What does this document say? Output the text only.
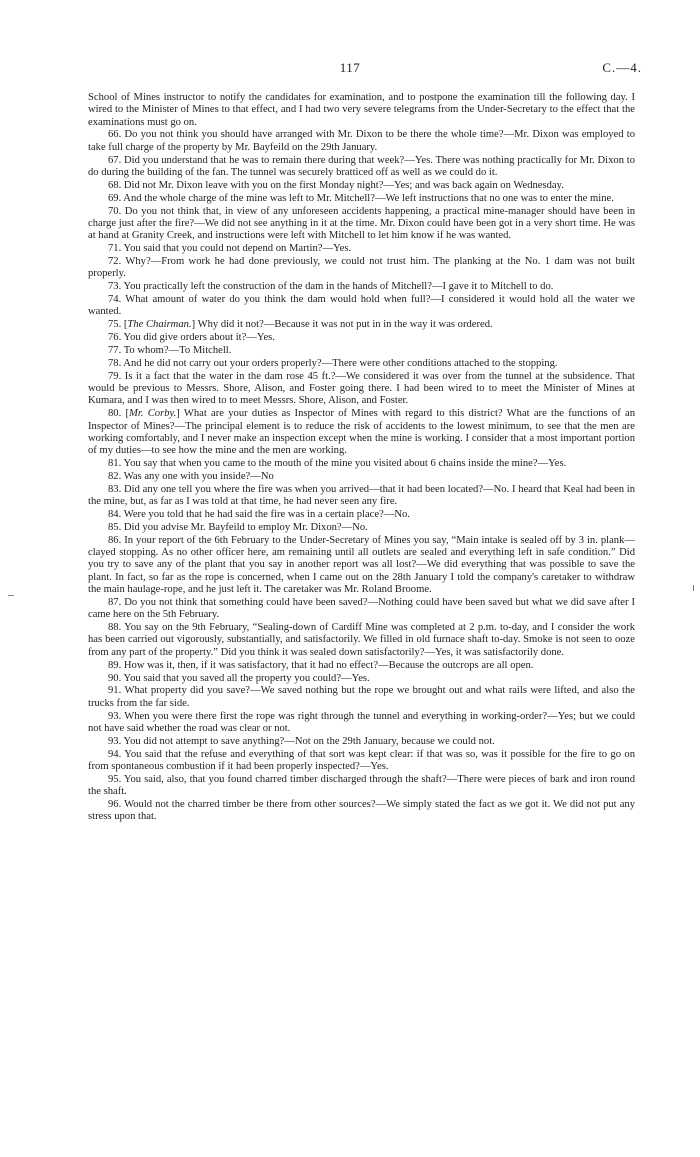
117	C.—4.

School of Mines instructor to notify the candidates for examination, and to postpone the examination till the following day. I wired to the Minister of Mines to that effect, and I had two very severe telegrams from the Under-Secretary to the effect that the examinations must go on.

66. Do you not think you should have arranged with Mr. Dixon to be there the whole time?—Mr. Dixon was employed to take full charge of the property by Mr. Bayfeild on the 29th January.

67. Did you understand that he was to remain there during that week?—Yes. There was nothing practically for Mr. Dixon to do during the building of the fan. The tunnel was securely bratticed off as well as we could do it.

68. Did not Mr. Dixon leave with you on the first Monday night?—Yes; and was back again on Wednesday.

69. And the whole charge of the mine was left to Mr. Mitchell?—We left instructions that no one was to enter the mine.

70. Do you not think that, in view of any unforeseen accidents happening, a practical mine-manager should have been in charge just after the fire?—We did not see anything in it at the time. Mr. Dixon could have been got in a very short time. He was at hand at Granity Creek, and instructions were left with Mitchell to let him know if he was wanted.

71. You said that you could not depend on Martin?—Yes.

72. Why?—From work he had done previously, we could not trust him. The planking at the No. 1 dam was not built properly.

73. You practically left the construction of the dam in the hands of Mitchell?—I gave it to Mitchell to do.

74. What amount of water do you think the dam would hold when full?—I considered it would hold all the water we wanted.

75. [The Chairman.] Why did it not?—Because it was not put in in the way it was ordered.

76. You did give orders about it?—Yes.

77. To whom?—To Mitchell.

78. And he did not carry out your orders properly?—There were other conditions attached to the stopping.

79. Is it a fact that the water in the dam rose 45 ft.?—We considered it was over from the tunnel at the subsidence. That would be previous to Messrs. Shore, Alison, and Foster going there. I had been wired to to meet the Minister of Mines at Kumara, and I was then wired to to meet Messrs. Shore, Alison, and Foster.

80. [Mr. Corby.] What are your duties as Inspector of Mines with regard to this district? What are the functions of an Inspector of Mines?—The principal element is to reduce the risk of accidents to the lowest minimum, to see that the men are working comfortably, and I never make an inspection except when the mine is working. I consider that a most important portion of my duties—to see how the mine and the men are working.

81. You say that when you came to the mouth of the mine you visited about 6 chains inside the mine?—Yes.

82. Was any one with you inside?—No

83. Did any one tell you where the fire was when you arrived—that it had been located?—No. I heard that Keal had been in the mine, but, as far as I was told at that time, he had never seen any fire.

84. Were you told that he had said the fire was in a certain place?—No.

85. Did you advise Mr. Bayfeild to employ Mr. Dixon?—No.

86. In your report of the 6th February to the Under-Secretary of Mines you say, “Main intake is sealed off by 3 in. plank—clayed stopping. As no other officer here, am remaining until all outlets are sealed and everything left in safe condition.” Did you try to save any of the plant that you say in another report was all lost?—We did everything that was possible to save the plant. In fact, so far as the rope is concerned, when I came out on the 28th January I told the company's caretaker to withdraw the main haulage-rope, and he just left it. The caretaker was Mr. Roland Broome.

87. Do you not think that something could have been saved?—Nothing could have been saved but what we did save after I came here on the 5th February.

88. You say on the 9th February, “Sealing-down of Cardiff Mine was completed at 2 p.m. to-day, and I consider the work has been carried out vigorously, substantially, and satisfactorily. We filled in old furnace shaft to-day. Smoke is not seen to ooze from any part of the property.” Did you think it was sealed down satisfactorily?—Yes, it was satisfactorily done.

89. How was it, then, if it was satisfactory, that it had no effect?—Because the outcrops are all open.

90. You said that you saved all the property you could?—Yes.

91. What property did you save?—We saved nothing but the rope we brought out and what rails were lifted, and also the trucks from the far side.

93. When you were there first the rope was right through the tunnel and everything in working-order?—Yes; but we could not have said whether the road was clear or not.

93. You did not attempt to save anything?—Not on the 29th January, because we could not.

94. You said that the refuse and everything of that sort was kept clear: if that was so, was it possible for the fire to go on from spontaneous combustion if it had been properly inspected?—Yes.

95. You said, also, that you found charred timber discharged through the shaft?—There were pieces of bark and iron round the shaft.

96. Would not the charred timber be there from other sources?—We simply stated the fact as we got it. We did not put any stress upon that.
